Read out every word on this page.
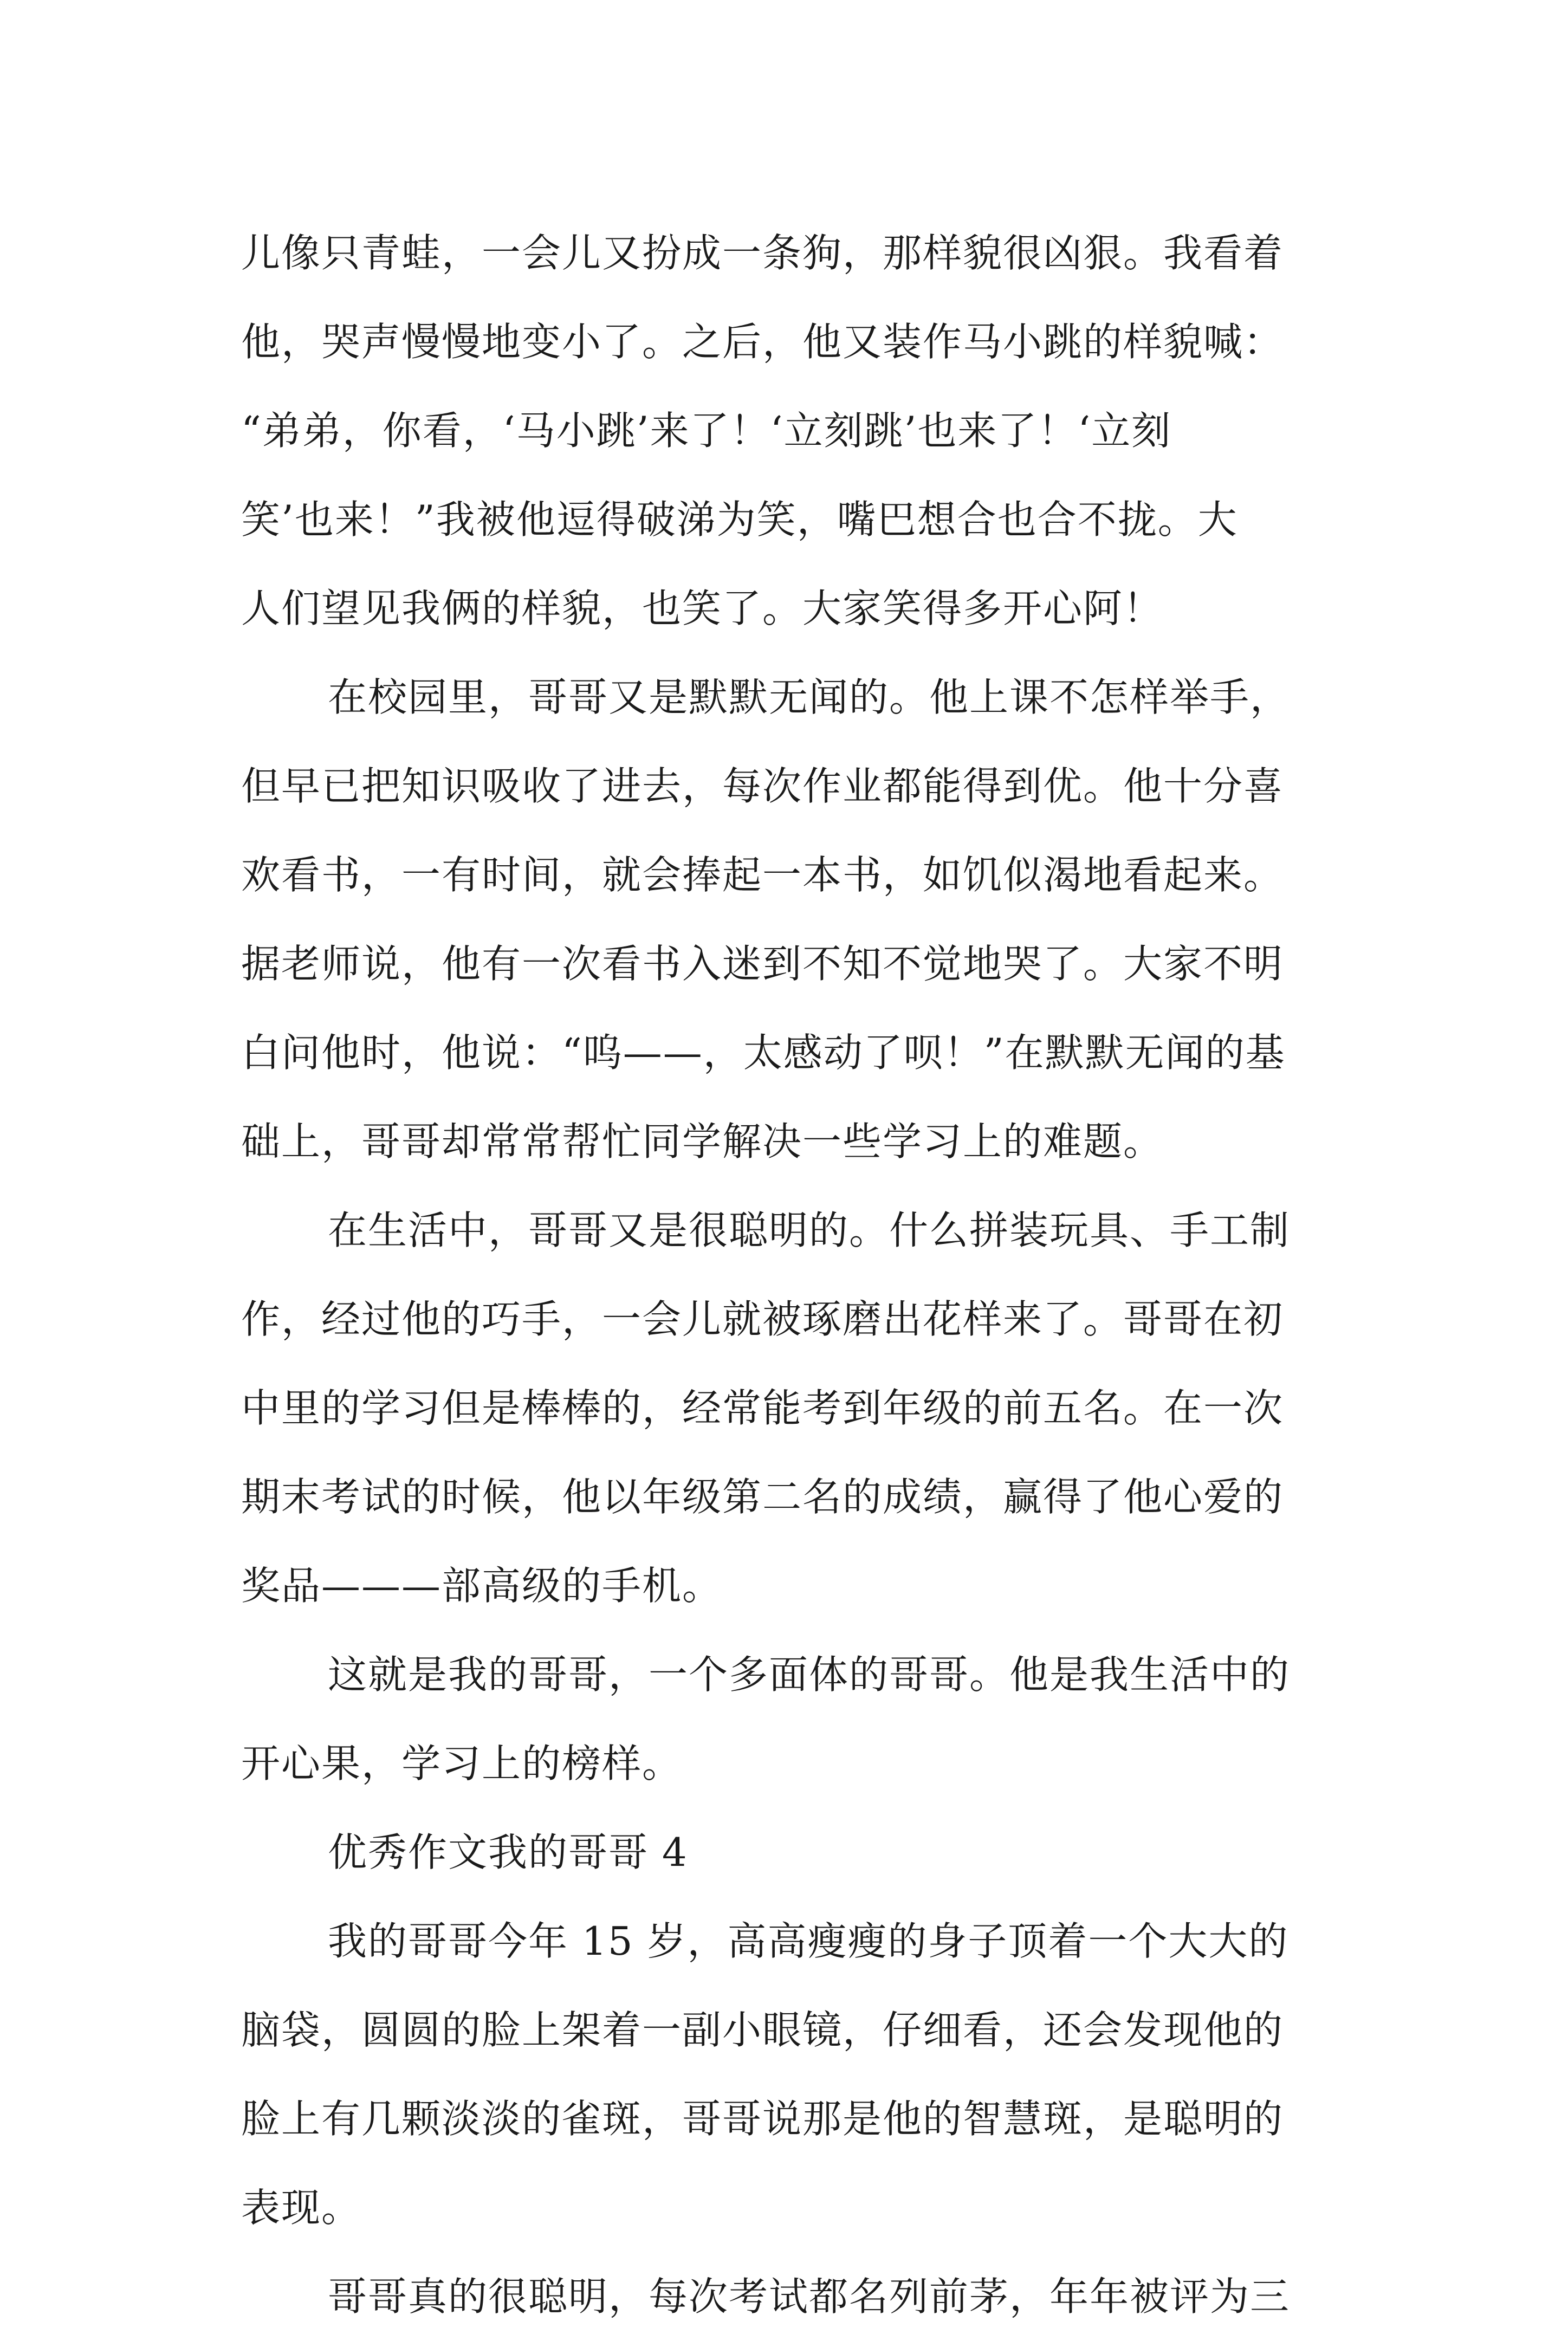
儿像只青蛙，一会儿又扮成一条狗，那样貌很凶狠。我看着
他，哭声慢慢地变小了。之后，他又装作马小跳的样貌喊：
“弟弟，你看，‘马小跳’来了！‘立刻跳’也来了！‘立刻
笑’也来！”我被他逗得破涕为笑，嘴巴想合也合不拢。大
人们望见我俩的样貌，也笑了。大家笑得多开心阿！
在校园里，哥哥又是默默无闻的。他上课不怎样举手，
但早已把知识吸收了进去，每次作业都能得到优。他十分喜
欢看书，一有时间，就会捧起一本书，如饥似渴地看起来。
据老师说，他有一次看书入迷到不知不觉地哭了。大家不明
白问他时，他说：“呜——，太感动了呗！”在默默无闻的基
础上，哥哥却常常帮忙同学解决一些学习上的难题。
在生活中，哥哥又是很聪明的。什么拼装玩具、手工制
作，经过他的巧手，一会儿就被琢磨出花样来了。哥哥在初
中里的学习但是棒棒的，经常能考到年级的前五名。在一次
期末考试的时候，他以年级第二名的成绩，赢得了他心爱的
奖品———部高级的手机。
这就是我的哥哥，一个多面体的哥哥。他是我生活中的
开心果，学习上的榜样。
优秀作文我的哥哥 4
我的哥哥今年 15 岁，高高瘦瘦的身子顶着一个大大的
脑袋，圆圆的脸上架着一副小眼镜，仔细看，还会发现他的
脸上有几颗淡淡的雀斑，哥哥说那是他的智慧斑，是聪明的
表现。
哥哥真的很聪明，每次考试都名列前茅，年年被评为三
